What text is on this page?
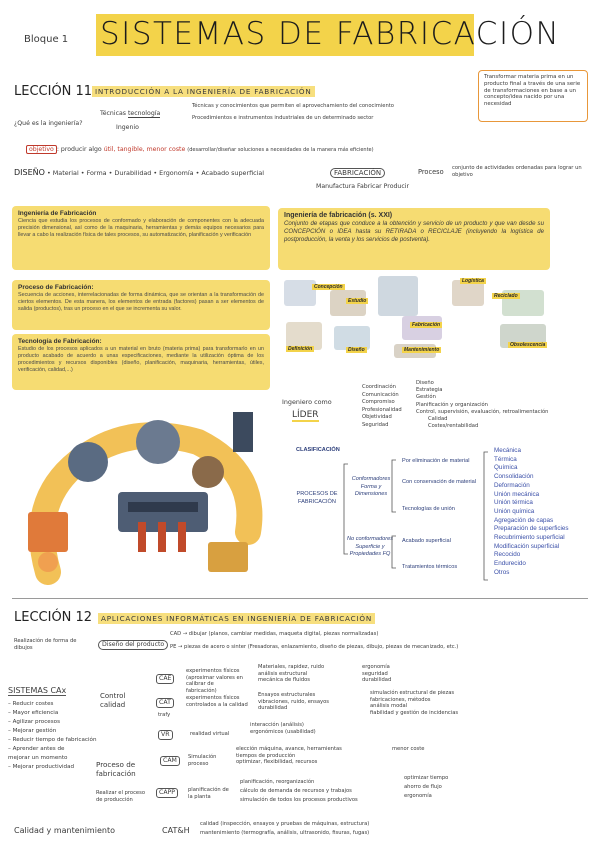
Bloque 1 SISTEMAS DE FABRICACIÓN
LECCIÓN 11 INTRODUCCIÓN A LA INGENIERÍA DE FABRICACIÓN
¿Qué es la ingeniería?
Técnicas tecnología
Ingenio
Técnicas y conocimientos que permiten el aprovechamiento del conocimiento
Procedimientos e instrumentos industriales de un determinado sector
Transformar materia prima en un producto final a través de una serie de transformaciones en base a un concepto/idea nacido por una necesidad
objetivo : producir algo útil, tangible, menor coste (desarrollar/diseñar soluciones a necesidades de la manera más eficiente)
DISEÑO • Material • Forma • Durabilidad • Ergonomía • Acabado superficial	FABRICACIÓN	Proceso conjunto de actividades ordenadas para lograr un objetivo
Manufactura Fabricar Producir
Ingeniería de Fabricación

Ciencia que estudia los procesos de conformado y elaboración de componentes con la adecuada precisión dimensional, así como de la maquinaria, herramientas y demás equipos necesarios para llevar a cabo la realización física de tales procesos, su automatización, planificación y verificación

Ingeniería de fabricación (s. XXI)

Conjunto de etapas que conduce a la obtención y servicio de un producto y que van desde su CONCEPCIÓN o IDEA hasta su RETIRADA o RECICLAJE (incluyendo la logística de postproducción, la venta y los servicios de postventa).

Proceso de Fabricación:

Secuencia de acciones, interrelacionadas de forma dinámica, que se orientan a la transformación de ciertos elementos. De esta manera, los elementos de entrada (factores) pasan a ser elementos de salida (productos), tras un proceso en el que se incrementa su valor.

Tecnología de Fabricación:

Estudio de los procesos aplicados a un material en bruto (materia prima) para transformarlo en un producto acabado de acuerdo a unas especificaciones, mediante la utilización óptima de los procedimientos y recursos disponibles (diseño, planificación, maquinaria, herramientas, útiles, verificación, calidad,...)

Concepción
Logística
Estudio
Reciclado
Fabricación
Definición	Diseño	Mantenimiento
Obsolescencia
Ingeniero como
LÍDER
Coordinación
Comunicación
Compromiso
Profesionalidad
Objetividad
Seguridad
Diseño
Estrategia
Gestión
Planificación y organización
Control, supervisión, evaluación, retroalimentación
Calidad
Costes/rentabilidad
CLASIFICACIÓN
PROCESOS DE FABRICACIÓN
Conformadores Forma y Dimensiones
No conformadores Superficie y Propiedades FQ
Por eliminación de material
Con conservación de material
Tecnologías de unión
Acabado superficial
Tratamientos térmicos
Mecánica
Térmica
Química
Consolidación
Deformación
Unión mecánica
Unión térmica
Unión química
Agregación de capas
Preparación de superficies
Recubrimiento superficial
Modificación superficial
Recocido
Endurecido
Otros
LECCIÓN 12	APLICACIONES INFORMÁTICAS EN INGENIERÍA DE FABRICACIÓN
Realización de forma de dibujos	Diseño del producto
CAD → dibujar (planos, cambiar medidas, maqueta digital, piezas normalizadas)
PE → piezas de acero o sinter (Fresadoras, enlazamiento, diseño de piezas, dibujo, piezas de mecanizado, etc.)
SISTEMAS CAx
– Reducir costes
– Mayor eficiencia
– Agilizar procesos
– Mejorar gestión
– Reducir tiempo de fabricación
– Aprender antes de mejorar un momento
– Mejorar productividad
Control calidad
CAE
experimentos físicos (aproximar valores en calibrar de fabricación)
Materiales, rapidez, ruido
análisis estructural
mecánica de fluidos
ergonomía
seguridad
durabilidad
CAT
experimentos físicos controlados a la calidad
Ensayos estructurales
vibraciones, ruido, ensayos
durabilidad
simulación estructural de piezas
fabricaciones, métodos
análisis modal
fiabilidad y gestión de incidencias
trafy
VR	realidad virtual
interacción (análisis)
ergonómicos (usabilidad)
Proceso de fabricación
Realizar el proceso de producción
CAM	Simulación proceso
elección máquina, avance, herramientas
tiempos de producción
optimizar, flexibilidad, recursos
menor coste
CAPP	planificación de la planta
planificación, reorganización
cálculo de demanda de recursos y trabajos
simulación de todos los procesos productivos
optimizar tiempo
ahorro de flujo
ergonomía
Calidad y mantenimiento	CAT&H
calidad (inspección, ensayos y pruebas de máquinas, estructura)
mantenimiento (termografía, análisis, ultrasonido, fisuras, fugas)
